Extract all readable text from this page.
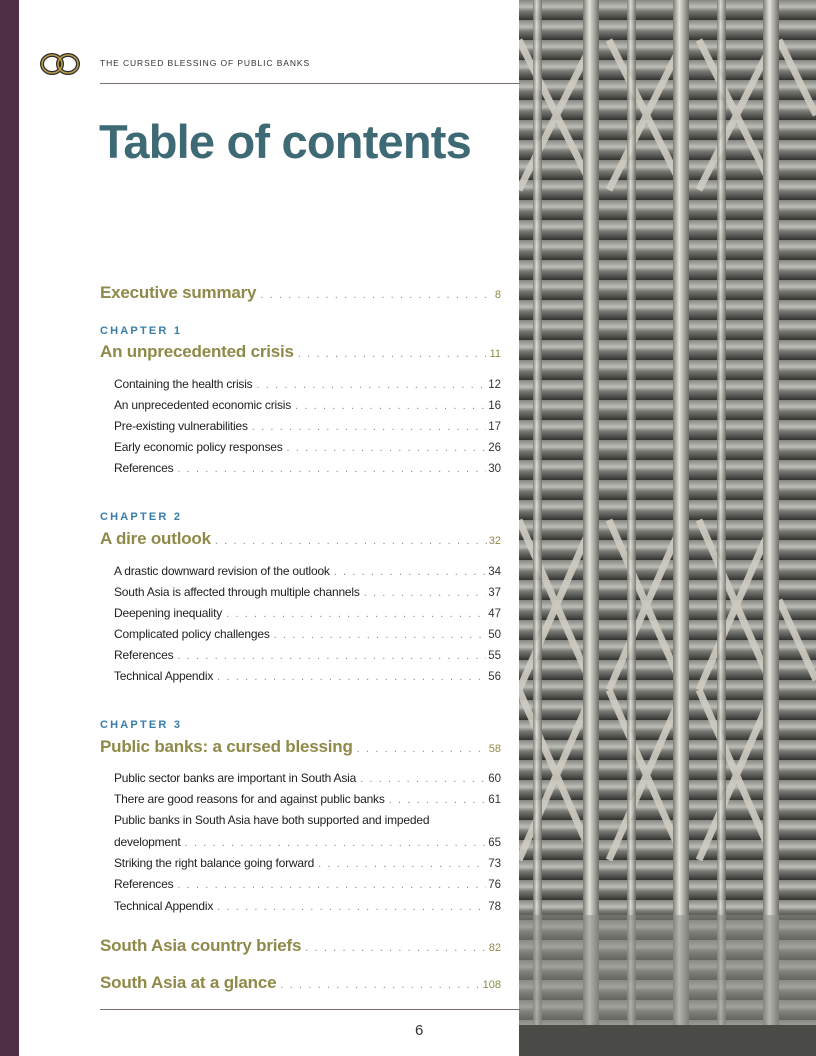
THE CURSED BLESSING OF PUBLIC BANKS
Table of contents
Executive summary . . .	8
CHAPTER 1
An unprecedented crisis . . .	11
Containing the health crisis . . .	12
An unprecedented economic crisis . . .	16
Pre-existing vulnerabilities . . .	17
Early economic policy responses . . .	26
References . . .	30
CHAPTER 2
A dire outlook . . .	32
A drastic downward revision of the outlook . . .	34
South Asia is affected through multiple channels . . .	37
Deepening inequality . . .	47
Complicated policy challenges . . .	50
References . . .	55
Technical Appendix . . .	56
CHAPTER 3
Public banks: a cursed blessing . . .	58
Public sector banks are important in South Asia . . .	60
There are good reasons for and against public banks . . .	61
Public banks in South Asia have both supported and impeded
development . . .	65
Striking the right balance going forward . . .	73
References . . .	76
Technical Appendix . . .	78
South Asia country briefs . . .	82
South Asia at a glance . . .	108
6
